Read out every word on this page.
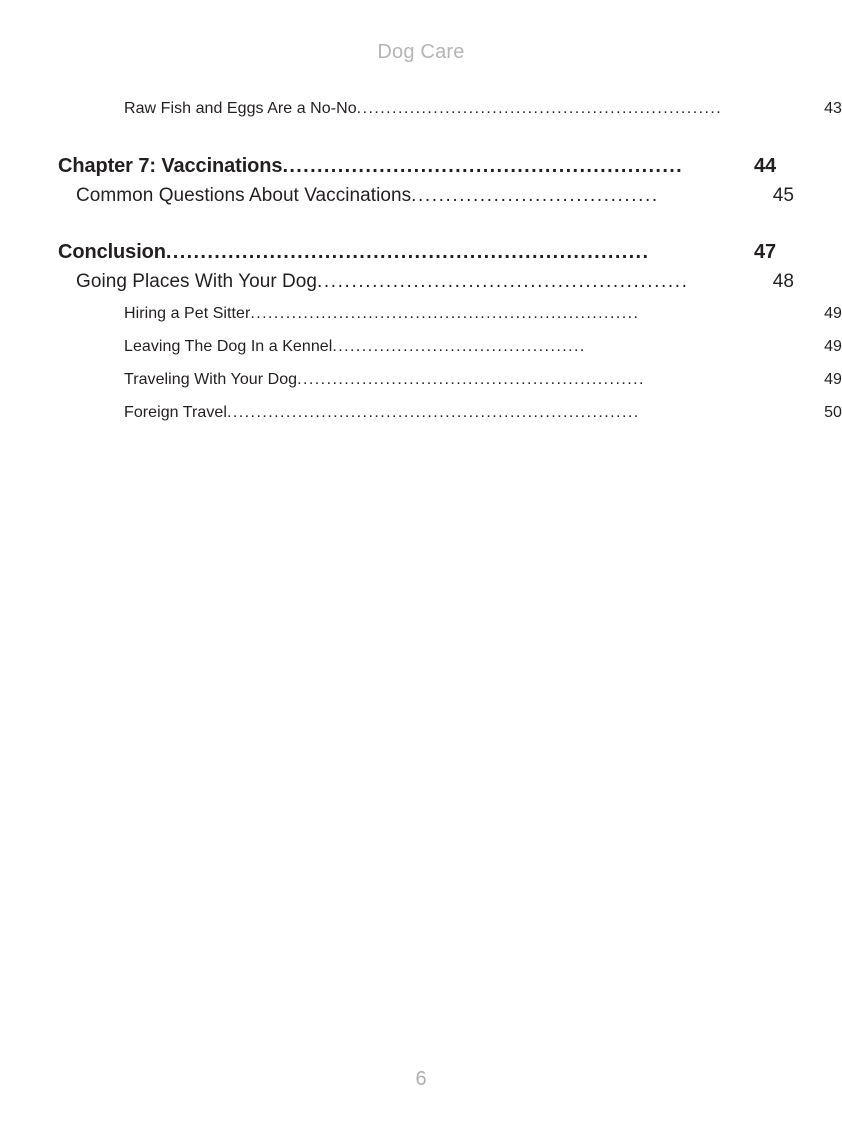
Dog Care
Raw Fish and Eggs Are a No-No ..............................................................	43
Chapter 7: Vaccinations ..........................................................	44
Common Questions About Vaccinations ....................................	45
Conclusion ......................................................................	47
Going Places With Your Dog ......................................................	48
Hiring a Pet Sitter ..................................................................	49
Leaving The Dog In a Kennel ...........................................	49
Traveling With Your Dog ...........................................................	49
Foreign Travel ......................................................................	50
6
